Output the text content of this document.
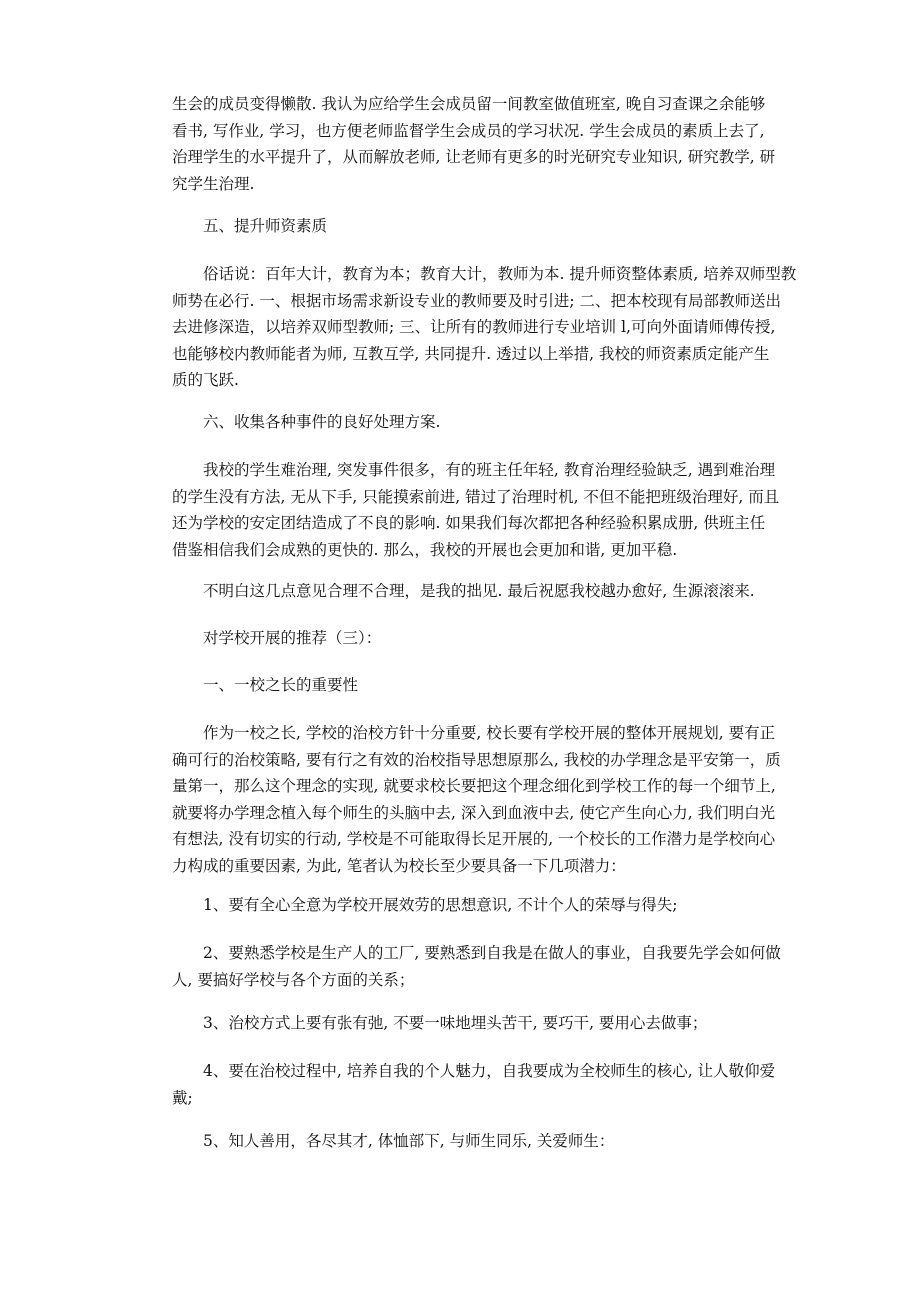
生会的成员变得懒散. 我认为应给学生会成员留一间教室做值班室, 晚自习查课之余能够
看书, 写作业, 学习，也方便老师监督学生会成员的学习状况. 学生会成员的素质上去了,
治理学生的水平提升了，从而解放老师, 让老师有更多的时光研究专业知识, 研究教学, 研
究学生治理.

五、提升师资素质

俗话说：百年大计，教育为本；教育大计，教师为本. 提升师资整体素质, 培养双师型教
师势在必行. 一、根据市场需求新设专业的教师要及时引进; 二、把本校现有局部教师送出
去进修深造，以培养双师型教师; 三、让所有的教师进行专业培训 l,可向外面请师傅传授,
也能够校内教师能者为师, 互教互学, 共同提升. 透过以上举措, 我校的师资素质定能产生
质的飞跃.

六、收集各种事件的良好处理方案.

我校的学生难治理, 突发事件很多，有的班主任年轻, 教育治理经验缺乏, 遇到难治理
的学生没有方法, 无从下手, 只能摸索前进, 错过了治理时机, 不但不能把班级治理好, 而且
还为学校的安定团结造成了不良的影响. 如果我们每次都把各种经验积累成册, 供班主任
借鉴相信我们会成熟的更快的. 那么，我校的开展也会更加和谐, 更加平稳.

不明白这几点意见合理不合理，是我的拙见. 最后祝愿我校越办愈好, 生源滚滚来.

对学校开展的推荐（三）：

一、一校之长的重要性

作为一校之长, 学校的治校方针十分重要, 校长要有学校开展的整体开展规划, 要有正
确可行的治校策略, 要有行之有效的治校指导思想原那么, 我校的办学理念是平安第一，质
量第一，那么这个理念的实现, 就要求校长要把这个理念细化到学校工作的每一个细节上,
就要将办学理念植入每个师生的头脑中去, 深入到血液中去, 使它产生向心力, 我们明白光
有想法, 没有切实的行动, 学校是不可能取得长足开展的, 一个校长的工作潜力是学校向心
力构成的重要因素, 为此, 笔者认为校长至少要具备一下几项潜力：

1、要有全心全意为学校开展效劳的思想意识, 不计个人的荣辱与得失;

2、要熟悉学校是生产人的工厂, 要熟悉到自我是在做人的事业，自我要先学会如何做
人, 要搞好学校与各个方面的关系；

3、治校方式上要有张有弛, 不要一味地埋头苦干, 要巧干, 要用心去做事；

4、要在治校过程中, 培养自我的个人魅力，自我要成为全校师生的核心, 让人敬仰爱
戴;

5、知人善用，各尽其才, 体恤部下, 与师生同乐, 关爱师生：
